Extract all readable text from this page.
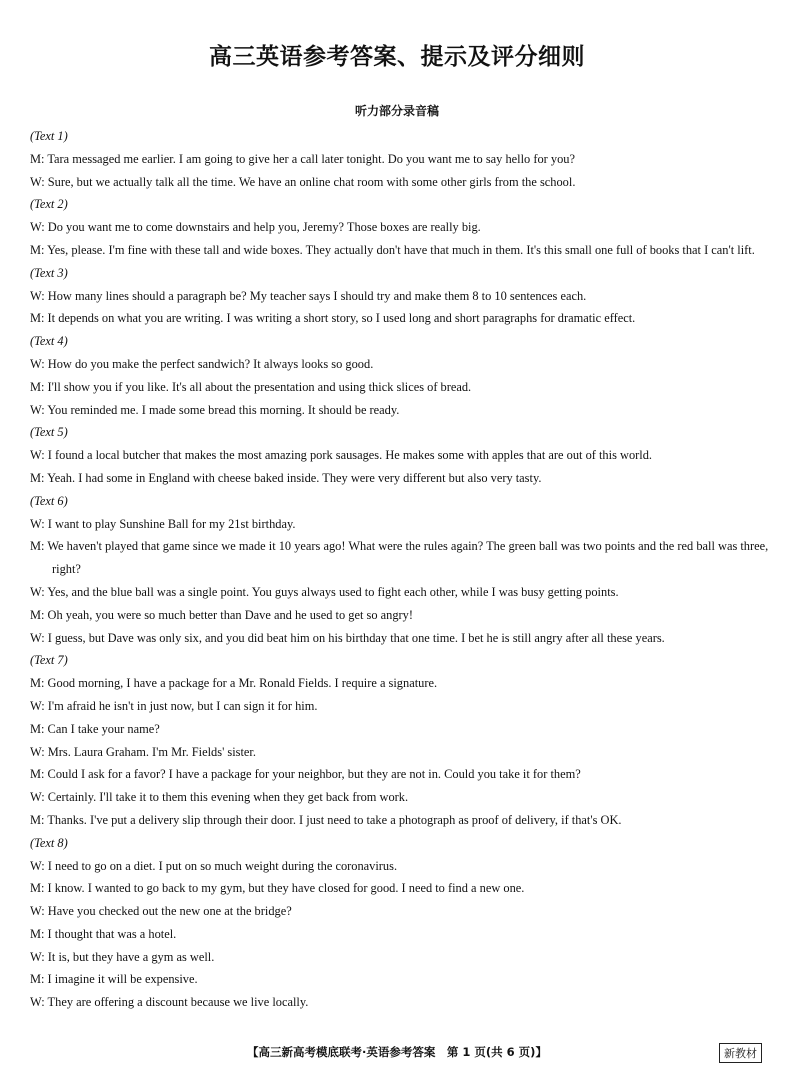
高三英语参考答案、提示及评分细则
听力部分录音稿
(Text 1)
M: Tara messaged me earlier. I am going to give her a call later tonight. Do you want me to say hello for you?
W: Sure, but we actually talk all the time. We have an online chat room with some other girls from the school.
(Text 2)
W: Do you want me to come downstairs and help you, Jeremy? Those boxes are really big.
M: Yes, please. I'm fine with these tall and wide boxes. They actually don't have that much in them. It's this small one full of books that I can't lift.
(Text 3)
W: How many lines should a paragraph be? My teacher says I should try and make them 8 to 10 sentences each.
M: It depends on what you are writing. I was writing a short story, so I used long and short paragraphs for dramatic effect.
(Text 4)
W: How do you make the perfect sandwich? It always looks so good.
M: I'll show you if you like. It's all about the presentation and using thick slices of bread.
W: You reminded me. I made some bread this morning. It should be ready.
(Text 5)
W: I found a local butcher that makes the most amazing pork sausages. He makes some with apples that are out of this world.
M: Yeah. I had some in England with cheese baked inside. They were very different but also very tasty.
(Text 6)
W: I want to play Sunshine Ball for my 21st birthday.
M: We haven't played that game since we made it 10 years ago! What were the rules again? The green ball was two points and the red ball was three, right?
W: Yes, and the blue ball was a single point. You guys always used to fight each other, while I was busy getting points.
M: Oh yeah, you were so much better than Dave and he used to get so angry!
W: I guess, but Dave was only six, and you did beat him on his birthday that one time. I bet he is still angry after all these years.
(Text 7)
M: Good morning, I have a package for a Mr. Ronald Fields. I require a signature.
W: I'm afraid he isn't in just now, but I can sign it for him.
M: Can I take your name?
W: Mrs. Laura Graham. I'm Mr. Fields' sister.
M: Could I ask for a favor? I have a package for your neighbor, but they are not in. Could you take it for them?
W: Certainly. I'll take it to them this evening when they get back from work.
M: Thanks. I've put a delivery slip through their door. I just need to take a photograph as proof of delivery, if that's OK.
(Text 8)
W: I need to go on a diet. I put on so much weight during the coronavirus.
M: I know. I wanted to go back to my gym, but they have closed for good. I need to find a new one.
W: Have you checked out the new one at the bridge?
M: I thought that was a hotel.
W: It is, but they have a gym as well.
M: I imagine it will be expensive.
W: They are offering a discount because we live locally.
【高三新高考模底联考·英语参考答案　第 1 页(共 6 页)】	新教材
